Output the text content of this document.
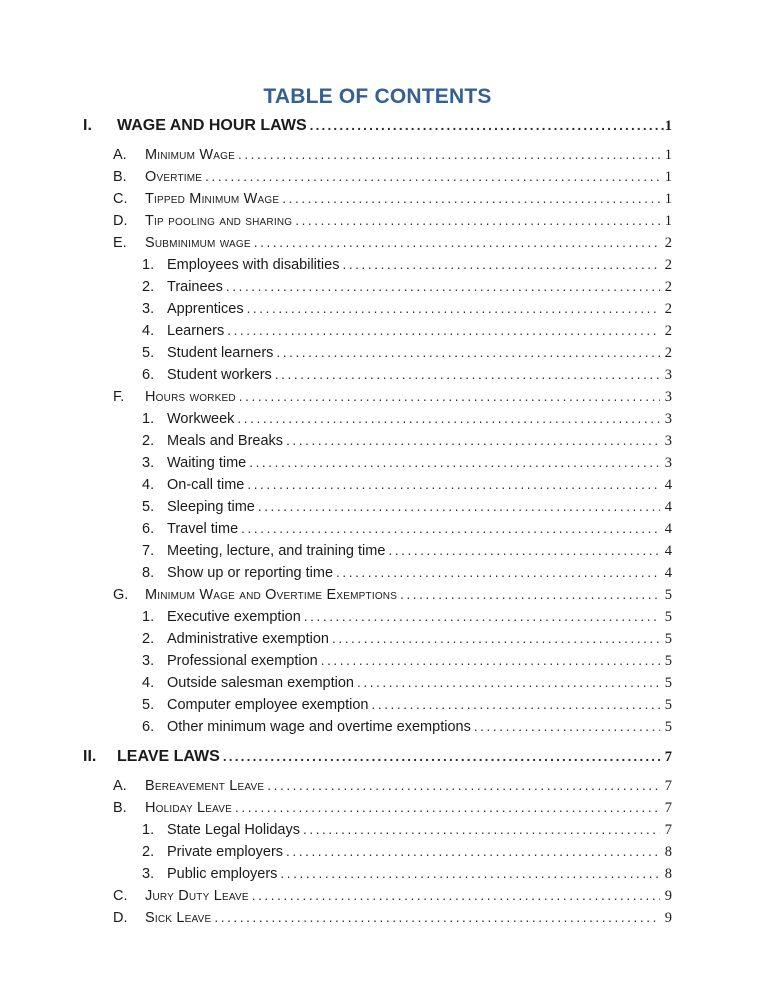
TABLE OF CONTENTS
I.	WAGE AND HOUR LAWS .....	1
A.	Minimum Wage .....	1
B.	Overtime .....	1
C.	Tipped Minimum Wage .....	1
D.	Tip pooling and sharing .....	1
E.	Subminimum wage .....	2
1. Employees with disabilities .....	2
2. Trainees .....	2
3. Apprentices .....	2
4. Learners .....	2
5. Student learners .....	2
6. Student workers .....	3
F.	Hours worked .....	3
1. Workweek .....	3
2. Meals and Breaks .....	3
3. Waiting time .....	3
4. On-call time .....	4
5. Sleeping time .....	4
6. Travel time .....	4
7. Meeting, lecture, and training time .....	4
8. Show up or reporting time .....	4
G.	Minimum Wage and Overtime Exemptions .....	5
1. Executive exemption .....	5
2. Administrative exemption .....	5
3. Professional exemption .....	5
4. Outside salesman exemption .....	5
5. Computer employee exemption .....	5
6. Other minimum wage and overtime exemptions .....	5
II.	LEAVE LAWS .....	7
A.	Bereavement Leave .....	7
B.	Holiday Leave .....	7
1. State Legal Holidays .....	7
2. Private employers .....	8
3. Public employers .....	8
C.	Jury Duty Leave .....	9
D.	Sick Leave .....	9
